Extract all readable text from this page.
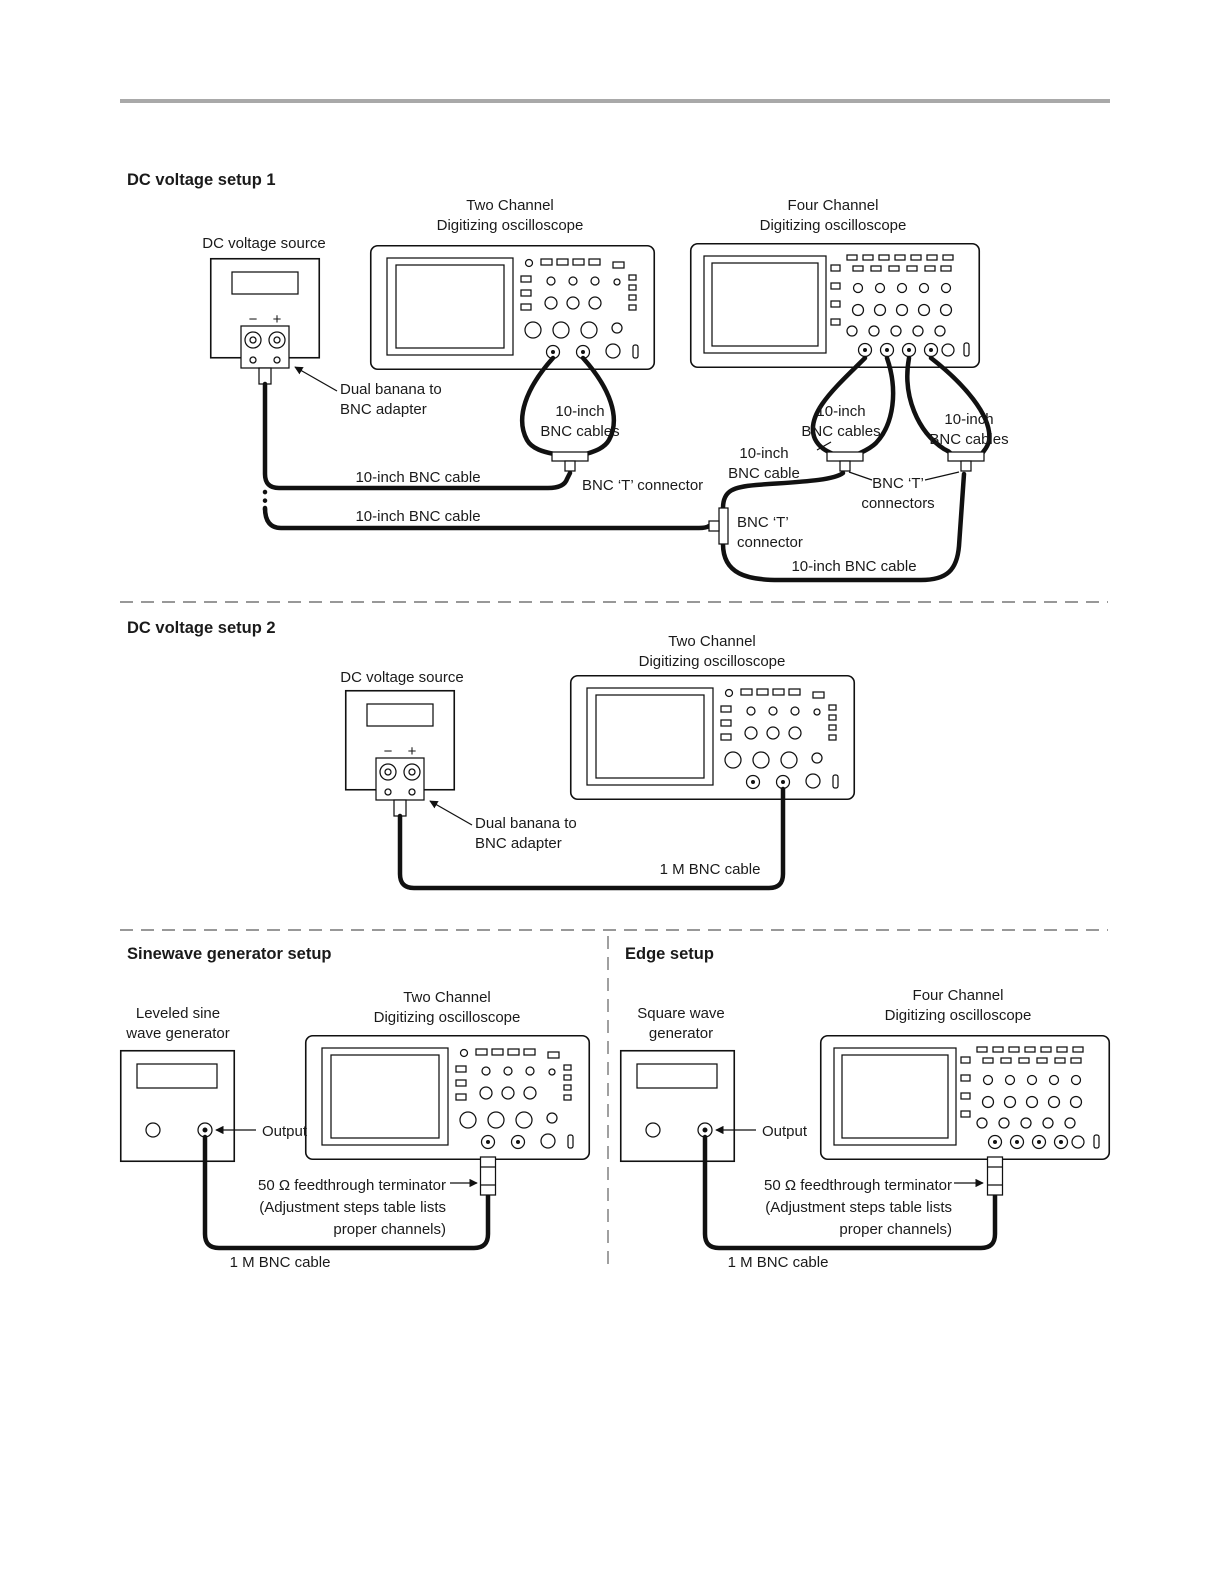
DC voltage setup 1
DC voltage source
Two Channel
Digitizing oscilloscope
Four Channel
Digitizing oscilloscope
− +
Dual banana to
BNC adapter	10-inch
BNC cables
10-inch
BNC cables
10-inch
BNC cables
10-inch BNC cable
10-inch BNC cable
10-inch
BNC cable
BNC ‘T’ connector	BNC ‘T’
connectors
BNC ‘T’
connector
10-inch BNC cable
DC voltage setup 2
Two Channel
Digitizing oscilloscope
DC voltage source
− +
Dual banana to
BNC adapter
1 M BNC cable
Sinewave generator setup
Two Channel
Digitizing oscilloscope
Leveled sine
wave generator
Output
50 Ω feedthrough terminator
(Adjustment steps table lists
proper channels)
1 M BNC cable
Edge setup
Four Channel
Digitizing oscilloscope
Square wave
generator
Output
50 Ω feedthrough terminator
(Adjustment steps table lists
proper channels)
1 M BNC cable
